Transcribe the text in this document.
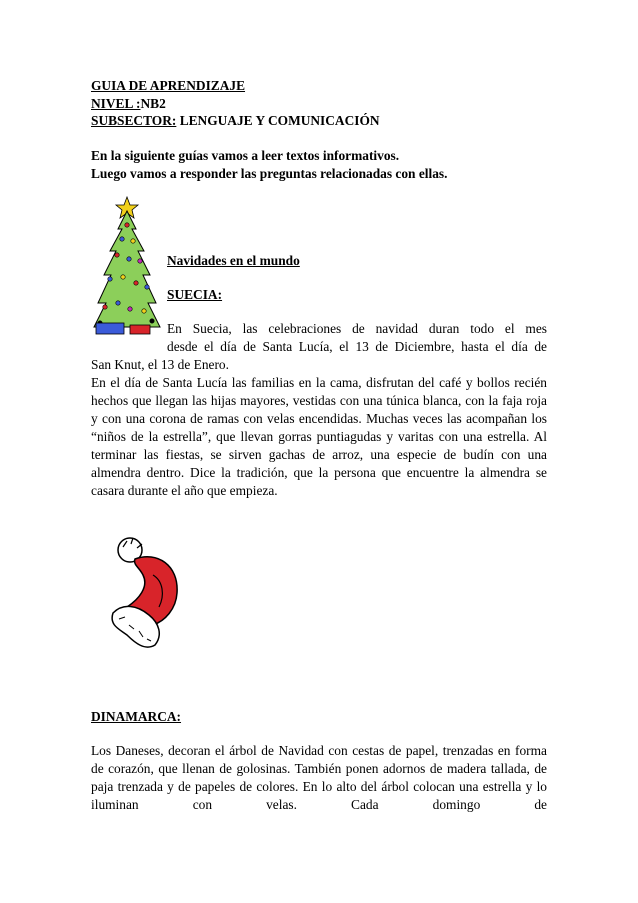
GUIA DE APRENDIZAJE
NIVEL :NB2
SUBSECTOR: LENGUAJE Y COMUNICACIÓN
En la siguiente guías vamos a leer textos informativos.
Luego vamos a responder las preguntas relacionadas con ellas.
Navidades en el mundo
SUECIA:
En Suecia, las celebraciones de navidad duran todo el mes
desde el día de Santa Lucía, el 13 de Diciembre, hasta el día de
San Knut, el 13 de Enero.
En el día de Santa Lucía las familias en la cama, disfrutan del café y bollos recién hechos que llegan las hijas mayores, vestidas con una túnica blanca, con la faja roja y con una corona de ramas con velas encendidas. Muchas veces las acompañan los “niños de la estrella”, que llevan gorras puntiagudas y varitas con una estrella. Al terminar las fiestas, se sirven gachas de arroz, una especie de budín con una almendra dentro. Dice la tradición, que la persona que encuentre la almendra se casara durante el año que empieza.
DINAMARCA:
Los Daneses, decoran el árbol de Navidad con cestas de papel, trenzadas en forma de corazón, que llenan de golosinas. También ponen adornos de madera tallada, de paja trenzada y de papeles de colores. En lo alto del árbol colocan una estrella y lo iluminan con velas. Cada domingo de
